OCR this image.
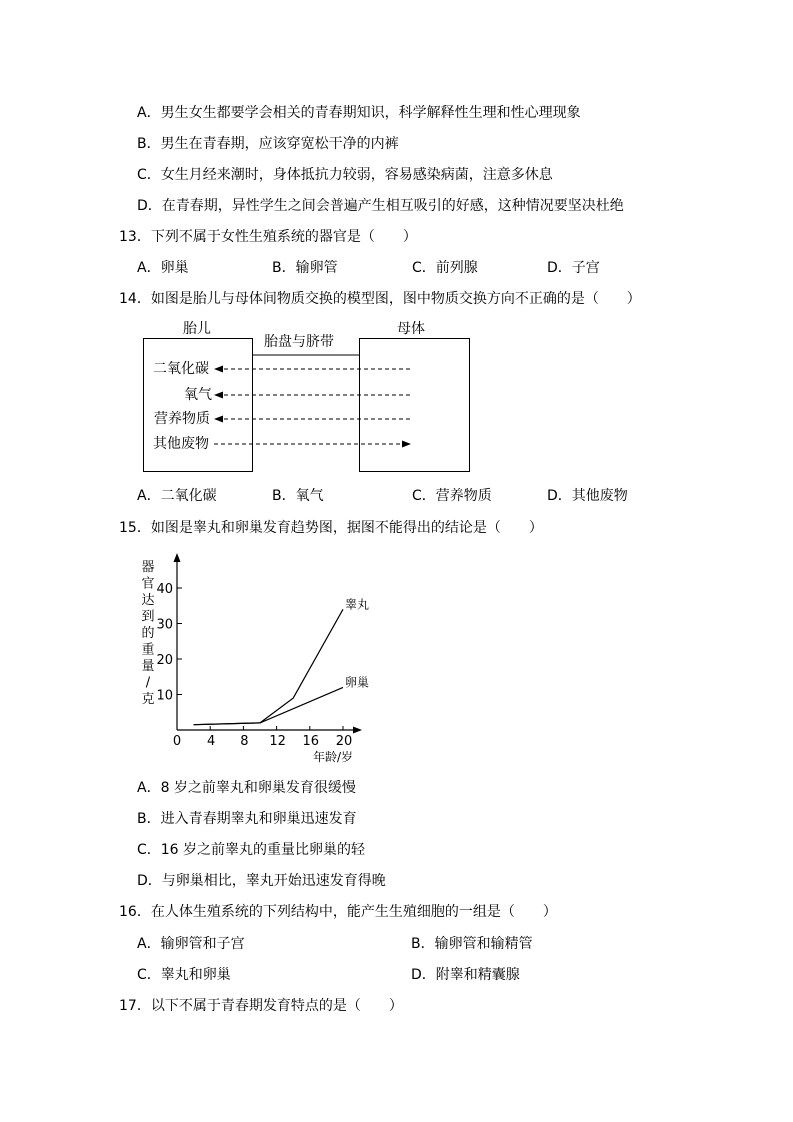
A．男生女生都要学会相关的青春期知识，科学解释性生理和性心理现象
B．男生在青春期，应该穿宽松干净的内裤
C．女生月经来潮时，身体抵抗力较弱，容易感染病菌，注意多休息
D．在青春期，异性学生之间会普遍产生相互吸引的好感，这种情况要坚决杜绝
13．下列不属于女性生殖系统的器官是（　　）
A．卵巢	B．输卵管	C．前列腺	D．子宫
14．如图是胎儿与母体间物质交换的模型图，图中物质交换方向不正确的是（　　）
胎儿	母体
胎盘与脐带
二氧化碳
氧气
营养物质
其他废物
A．二氧化碳	B．氧气	C．营养物质	D．其他废物
15．如图是睾丸和卵巢发育趋势图，据图不能得出的结论是（　　）
10
20
30
40
0 4 8 12 16 20
器
官
达
到
的
重
量
/
克
年龄/岁
睾丸
卵巢
A．8 岁之前睾丸和卵巢发育很缓慢
B．进入青春期睾丸和卵巢迅速发育
C．16 岁之前睾丸的重量比卵巢的轻
D．与卵巢相比，睾丸开始迅速发育得晚
16．在人体生殖系统的下列结构中，能产生生殖细胞的一组是（　　）
A．输卵管和子宫	B．输卵管和输精管
C．睾丸和卵巢	D．附睾和精囊腺
17．以下不属于青春期发育特点的是（　　）
